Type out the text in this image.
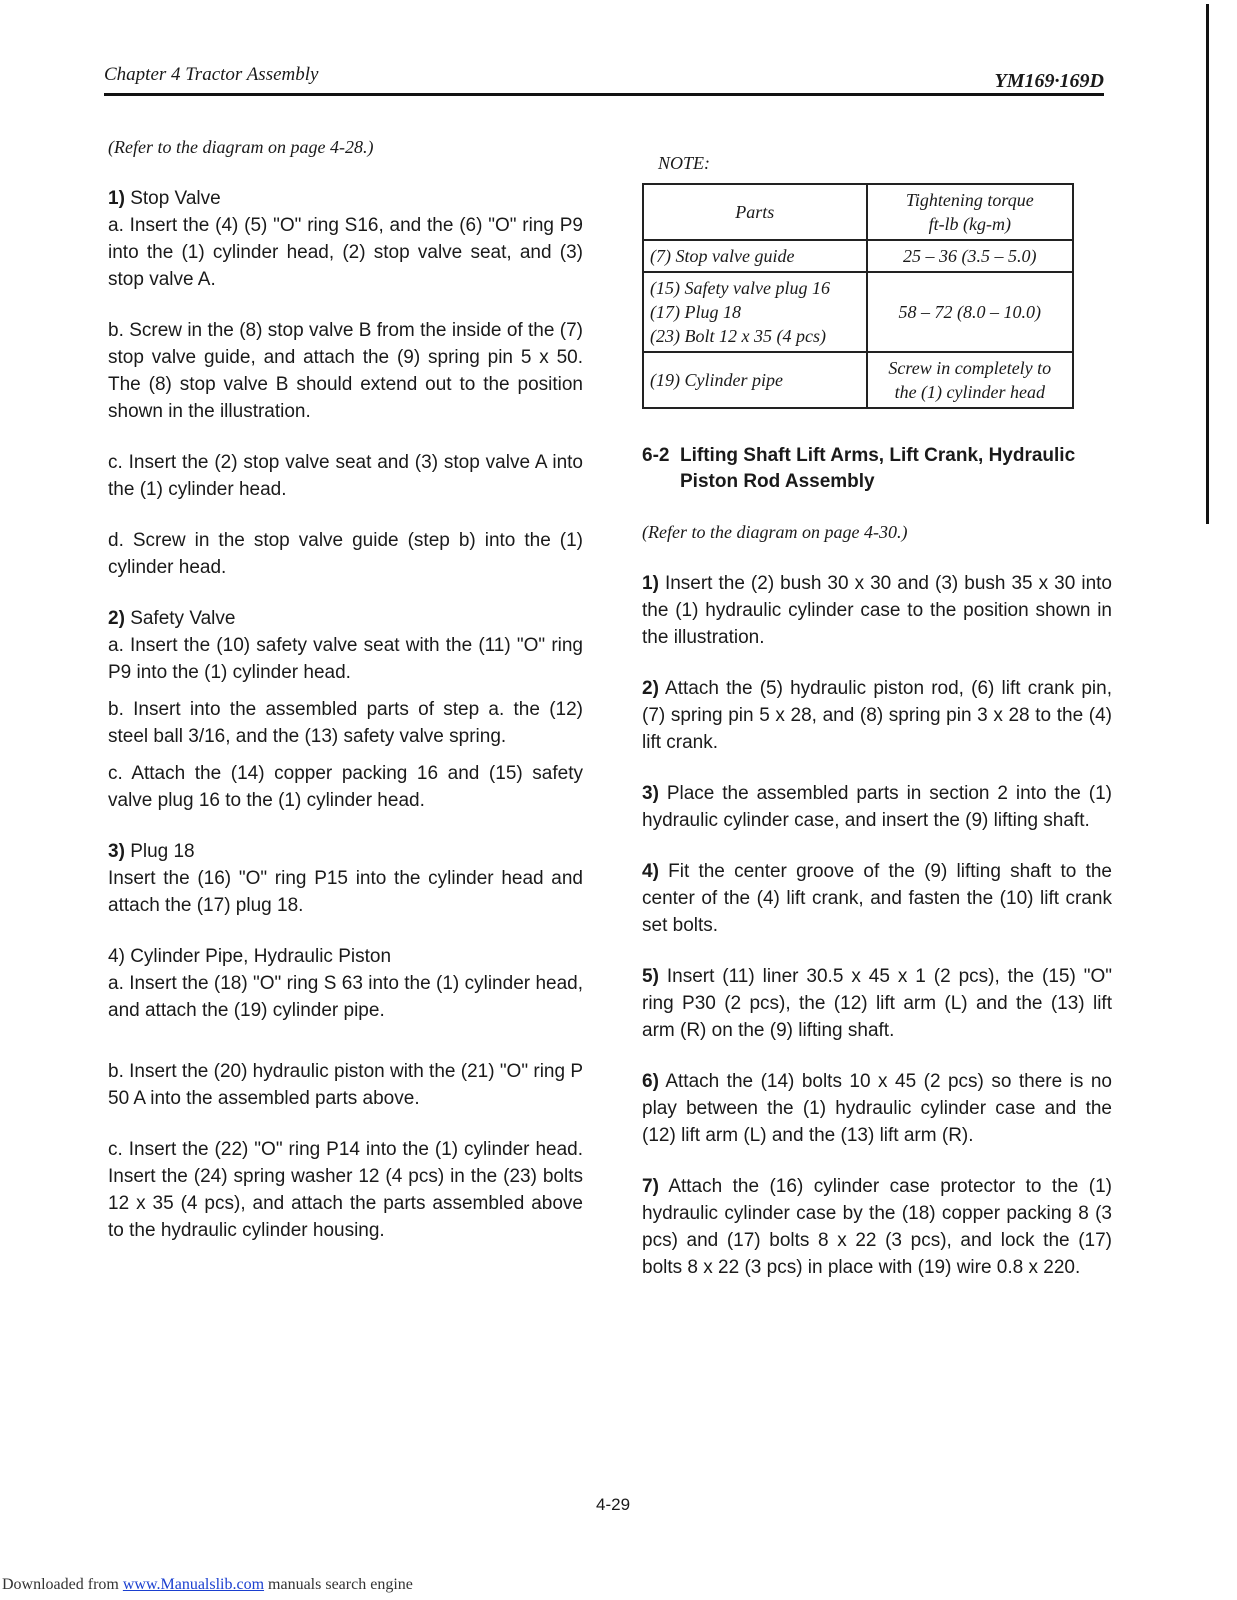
Chapter 4 Tractor Assembly	YM169·169D
(Refer to the diagram on page 4-28.)
1) Stop Valve
a. Insert the (4) (5) "O" ring S16, and the (6) "O" ring P9 into the (1) cylinder head, (2) stop valve seat, and (3) stop valve A.
b. Screw in the (8) stop valve B from the inside of the (7) stop valve guide, and attach the (9) spring pin 5 x 50. The (8) stop valve B should extend out to the position shown in the illustration.
c. Insert the (2) stop valve seat and (3) stop valve A into the (1) cylinder head.
d. Screw in the stop valve guide (step b) into the (1) cylinder head.
2) Safety Valve
a. Insert the (10) safety valve seat with the (11) "O" ring P9 into the (1) cylinder head.
b. Insert into the assembled parts of step a. the (12) steel ball 3/16, and the (13) safety valve spring.
c. Attach the (14) copper packing 16 and (15) safety valve plug 16 to the (1) cylinder head.
3) Plug 18
Insert the (16) "O" ring P15 into the cylinder head and attach the (17) plug 18.
4) Cylinder Pipe, Hydraulic Piston
a. Insert the (18) "O" ring S 63 into the (1) cylinder head, and attach the (19) cylinder pipe.
b. Insert the (20) hydraulic piston with the (21) "O" ring P 50 A into the assembled parts above.
c. Insert the (22) "O" ring P14 into the (1) cylinder head. Insert the (24) spring washer 12 (4 pcs) in the (23) bolts 12 x 35 (4 pcs), and attach the parts assembled above to the hydraulic cylinder housing.
NOTE:
Parts	Tightening torque
ft-lb (kg-m)
(7) Stop valve guide	25 – 36 (3.5 – 5.0)
(15) Safety valve plug 16
(17) Plug 18
(23) Bolt 12 x 35 (4 pcs)	58 – 72 (8.0 – 10.0)
(19) Cylinder pipe	Screw in completely to
the (1) cylinder head
6-2 Lifting Shaft Lift Arms, Lift Crank, Hydraulic Piston Rod Assembly
(Refer to the diagram on page 4-30.)
1) Insert the (2) bush 30 x 30 and (3) bush 35 x 30 into the (1) hydraulic cylinder case to the position shown in the illustration.
2) Attach the (5) hydraulic piston rod, (6) lift crank pin, (7) spring pin 5 x 28, and (8) spring pin 3 x 28 to the (4) lift crank.
3) Place the assembled parts in section 2 into the (1) hydraulic cylinder case, and insert the (9) lifting shaft.
4) Fit the center groove of the (9) lifting shaft to the center of the (4) lift crank, and fasten the (10) lift crank set bolts.
5) Insert (11) liner 30.5 x 45 x 1 (2 pcs), the (15) "O" ring P30 (2 pcs), the (12) lift arm (L) and the (13) lift arm (R) on the (9) lifting shaft.
6) Attach the (14) bolts 10 x 45 (2 pcs) so there is no play between the (1) hydraulic cylinder case and the (12) lift arm (L) and the (13) lift arm (R).
7) Attach the (16) cylinder case protector to the (1) hydraulic cylinder case by the (18) copper packing 8 (3 pcs) and (17) bolts 8 x 22 (3 pcs), and lock the (17) bolts 8 x 22 (3 pcs) in place with (19) wire 0.8 x 220.
4-29
Downloaded from www.Manualslib.com manuals search engine
